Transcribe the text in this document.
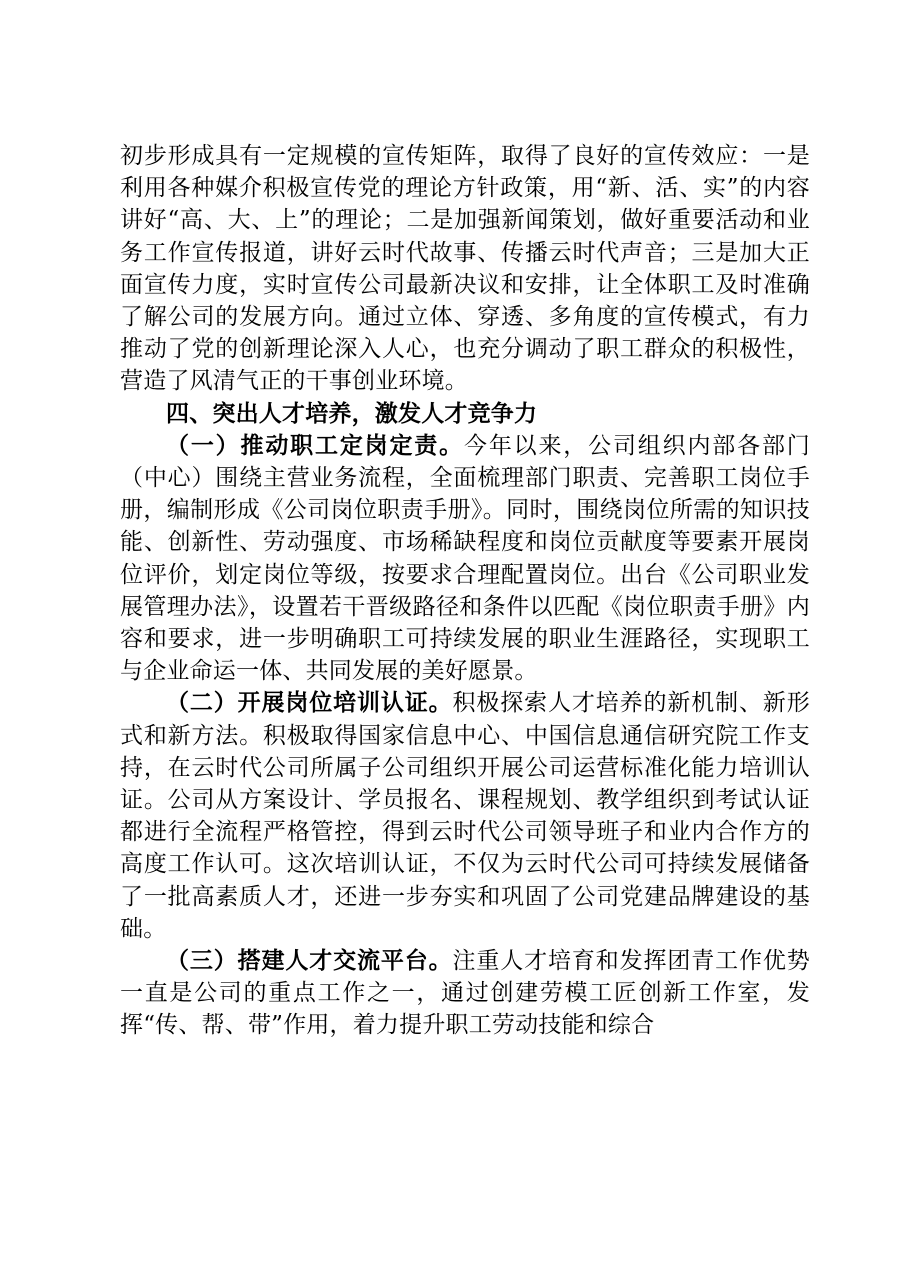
初步形成具有一定规模的宣传矩阵，取得了良好的宣传效应：一是利用各种媒介积极宣传党的理论方针政策，用“新、活、实”的内容讲好“高、大、上”的理论；二是加强新闻策划，做好重要活动和业务工作宣传报道，讲好云时代故事、传播云时代声音；三是加大正面宣传力度，实时宣传公司最新决议和安排，让全体职工及时准确了解公司的发展方向。通过立体、穿透、多角度的宣传模式，有力推动了党的创新理论深入人心，也充分调动了职工群众的积极性，营造了风清气正的干事创业环境。

四、突出人才培养，激发人才竞争力

（一）推动职工定岗定责。今年以来，公司组织内部各部门（中心）围绕主营业务流程，全面梳理部门职责、完善职工岗位手册，编制形成《公司岗位职责手册》。同时，围绕岗位所需的知识技能、创新性、劳动强度、市场稀缺程度和岗位贡献度等要素开展岗位评价，划定岗位等级，按要求合理配置岗位。出台《公司职业发展管理办法》，设置若干晋级路径和条件以匹配《岗位职责手册》内容和要求，进一步明确职工可持续发展的职业生涯路径，实现职工与企业命运一体、共同发展的美好愿景。

（二）开展岗位培训认证。积极探索人才培养的新机制、新形式和新方法。积极取得国家信息中心、中国信息通信研究院工作支持，在云时代公司所属子公司组织开展公司运营标准化能力培训认证。公司从方案设计、学员报名、课程规划、教学组织到考试认证都进行全流程严格管控，得到云时代公司领导班子和业内合作方的高度工作认可。这次培训认证，不仅为云时代公司可持续发展储备了一批高素质人才，还进一步夯实和巩固了公司党建品牌建设的基础。

（三）搭建人才交流平台。注重人才培育和发挥团青工作优势一直是公司的重点工作之一，通过创建劳模工匠创新工作室，发挥“传、帮、带”作用，着力提升职工劳动技能和综合
